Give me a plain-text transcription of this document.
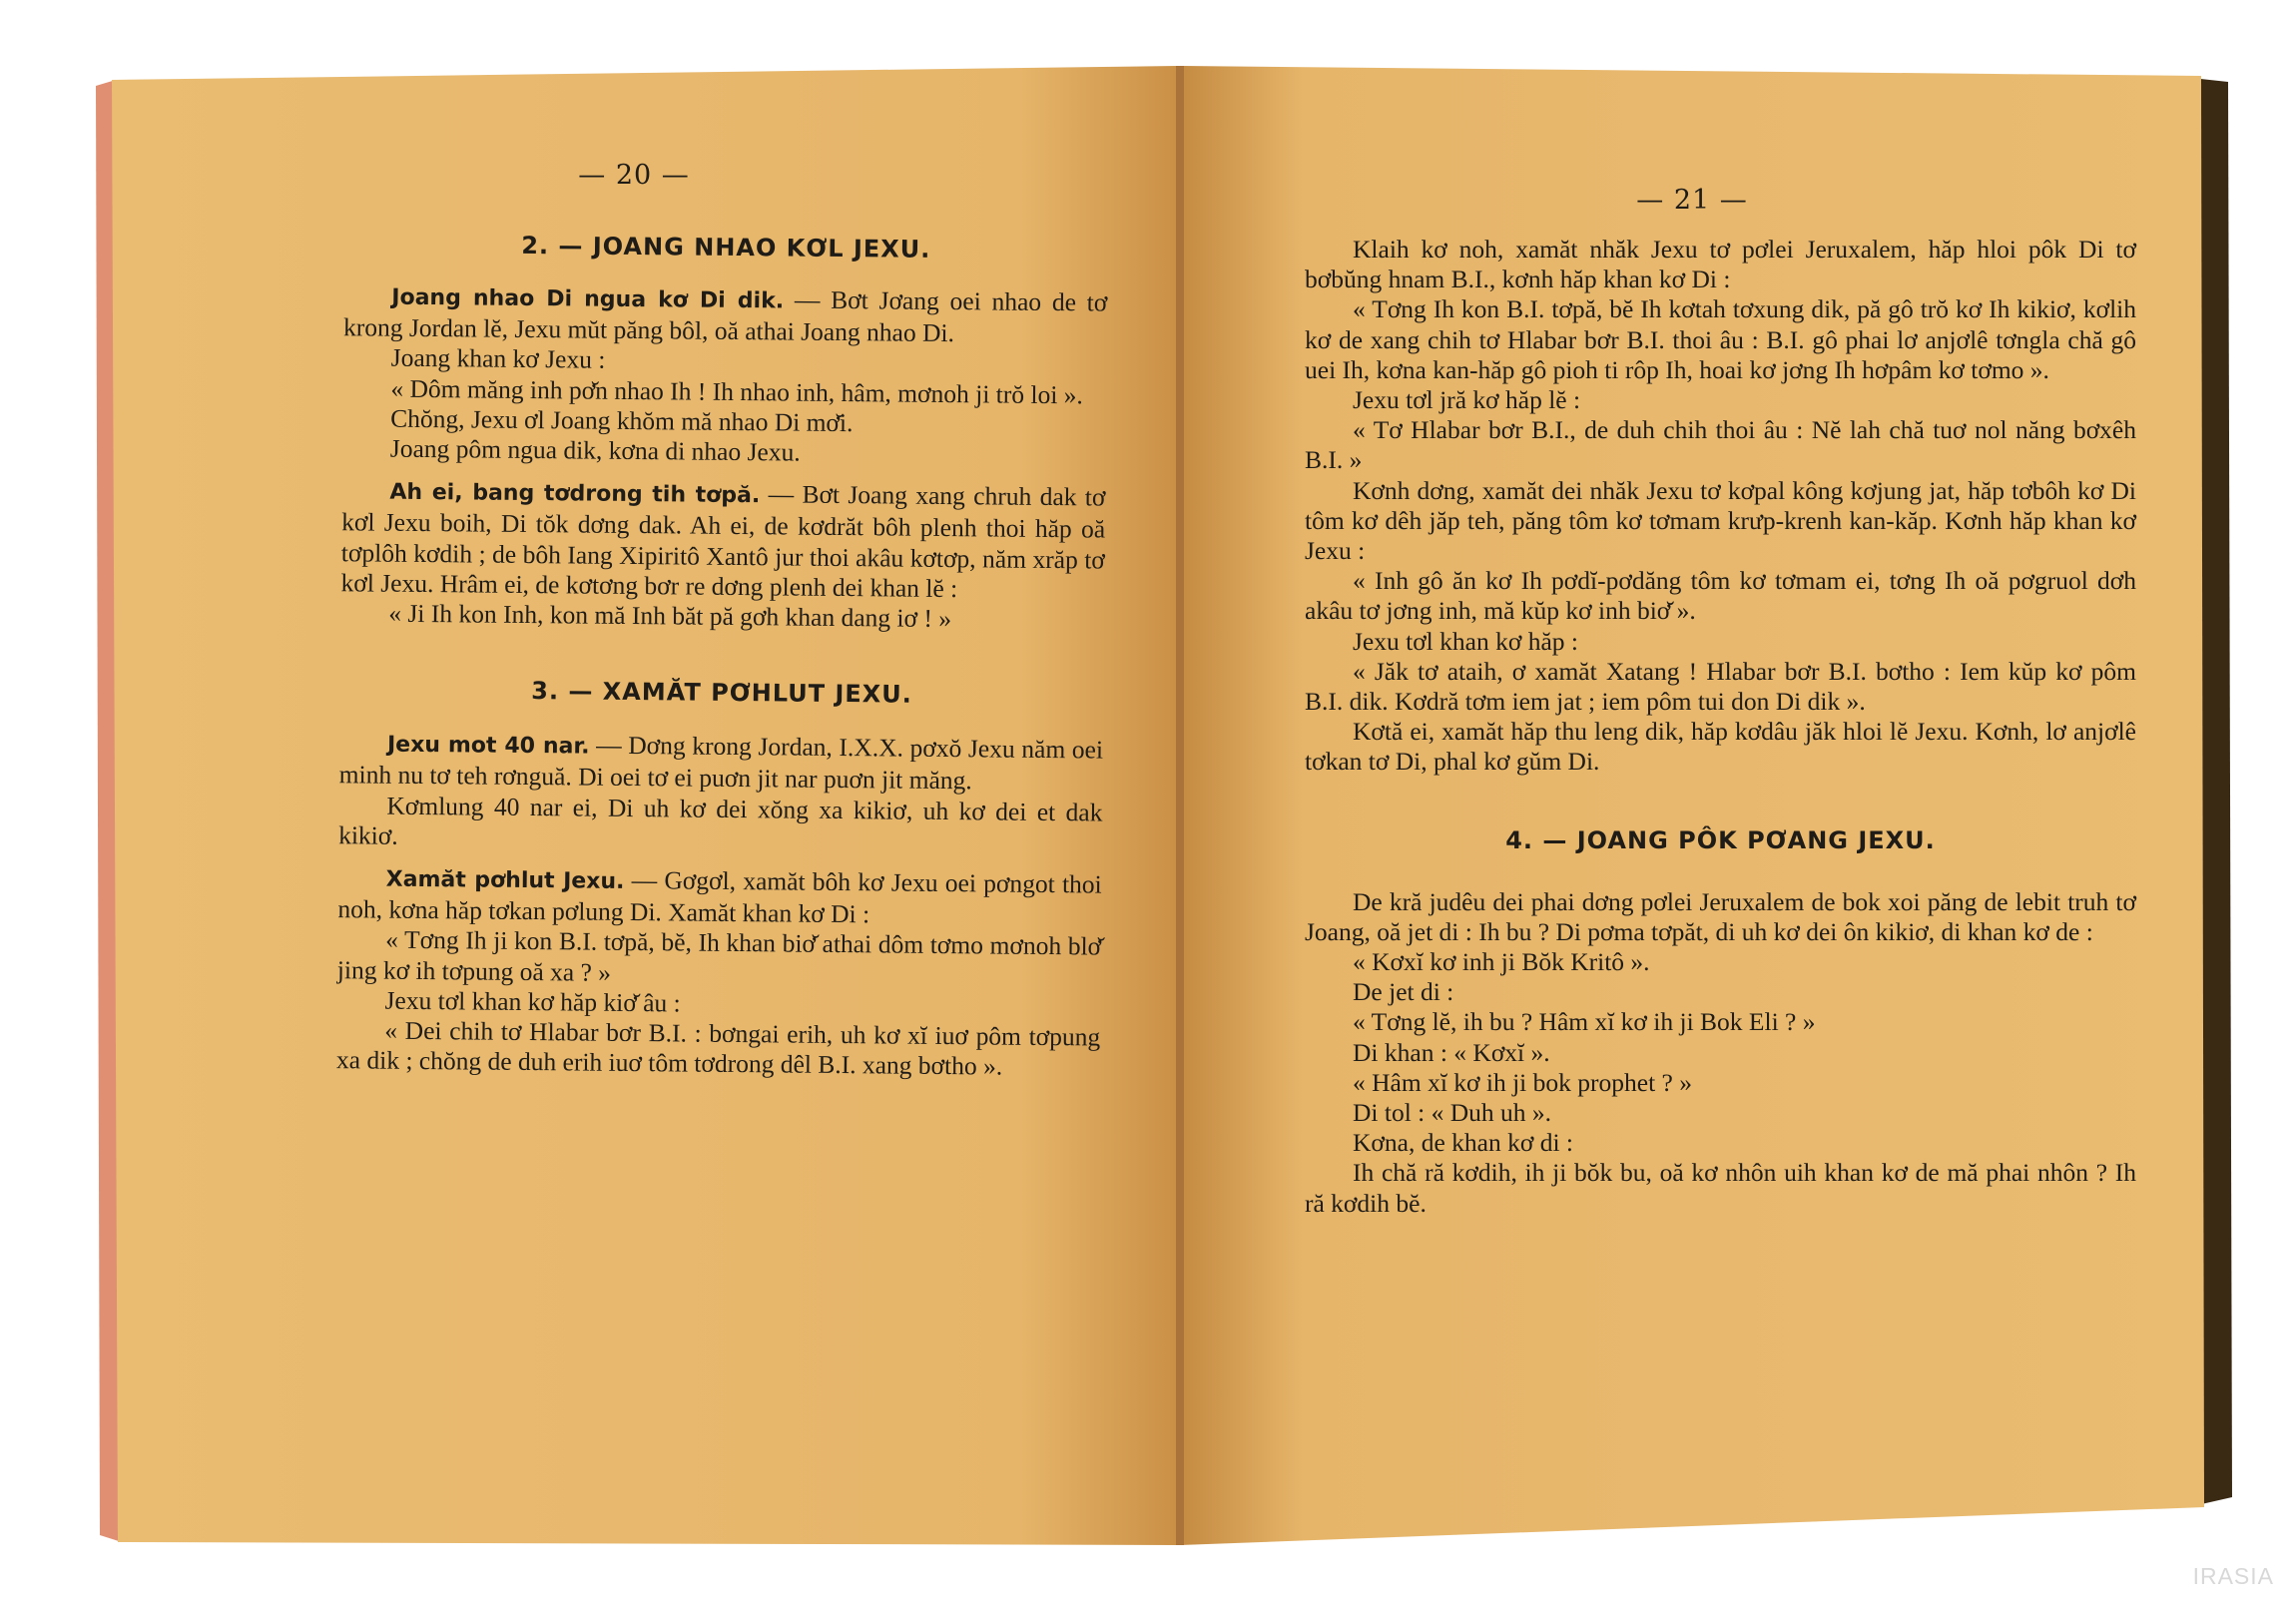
— 20 —
2. — JOANG NHAO KƠL JEXU.

Joang nhao Di ngua kơ Di dik. — Bơt Jơang oei nhao de tơ krong Jordan lĕ, Jexu mŭt păng bôl, oă athai Joang nhao Di.

Joang khan kơ Jexu :

« Dôm măng inh pơ̆n nhao Ih ! Ih nhao inh, hâm, mơnoh ji trŏ loi ».

Chŏng, Jexu ơl Joang khŏm mă nhao Di mơ̆i.

Joang pôm ngua dik, kơna di nhao Jexu.

Ah ei, bang tơdrong tih tơpă. — Bơt Joang xang chruh dak tơ kơl Jexu boih, Di tŏk dơng dak. Ah ei, de kơdrăt bôh plenh thoi hăp oă tơplôh kơdih ; de bôh Iang Xipiritô Xantô jur thoi akâu kơtơp, năm xrăp tơ kơl Jexu. Hrâm ei, de kơtơng bơr re dơng plenh dei khan lĕ :

« Ji Ih kon Inh, kon mă Inh băt pă gơh khan dang iơ ! »

3. — XAMĂT PƠHLUT JEXU.

Jexu mot 40 nar. — Dơng krong Jordan, I.X.X. pơxŏ Jexu năm oei minh nu tơ teh rơnguă. Di oei tơ ei puơn jit nar puơn jit măng.

Kơmlung 40 nar ei, Di uh kơ dei xŏng xa kikiơ, uh kơ dei et dak kikiơ.

Xamăt pơhlut Jexu. — Gơgơl, xamăt bôh kơ Jexu oei pơngot thoi noh, kơna hăp tơkan pơlung Di. Xamăt khan kơ Di :

« Tơng Ih ji kon B.I. tơpă, bĕ, Ih khan biơ̆ athai dôm tơmo mơnoh blơ̆ jing kơ ih tơpung oă xa ? »

Jexu tơl khan kơ hăp kiơ̆ âu :

« Dei chih tơ Hlabar bơr B.I. : bơngai erih, uh kơ xĭ iuơ pôm tơpung xa dik ; chŏng de duh erih iuơ tôm tơdrong dêl B.I. xang bơtho ».

— 21 —

Klaih kơ noh, xamăt nhăk Jexu tơ pơlei Jeruxalem, hăp hloi pôk Di tơ bơbŭng hnam B.I., kơnh hăp khan kơ Di :

« Tơng Ih kon B.I. tơpă, bĕ Ih kơtah tơxung dik, pă gô trŏ kơ Ih kikiơ, kơlih kơ de xang chih tơ Hlabar bơr B.I. thoi âu : B.I. gô phai lơ anjơlê tơngla chă gô uei Ih, kơna kan-hăp gô pioh ti rôp Ih, hoai kơ jơng Ih hơpâm kơ tơmo ».

Jexu tơl jră kơ hăp lĕ :

« Tơ Hlabar bơr B.I., de duh chih thoi âu : Nĕ lah chă tuơ nol năng bơxêh B.I. »

Kơnh dơng, xamăt dei nhăk Jexu tơ kơpal kông kơjung jat, hăp tơbôh kơ Di tôm kơ dêh jăp teh, păng tôm kơ tơmam krưp-krenh kan-kăp. Kơnh hăp khan kơ Jexu :

« Inh gô ăn kơ Ih pơdĭ-pơdăng tôm kơ tơmam ei, tơng Ih oă pơgruol dơh akâu tơ jơng inh, mă kŭp kơ inh biơ̆ ».

Jexu tơl khan kơ hăp :

« Jăk tơ ataih, ơ xamăt Xatang ! Hlabar bơr B.I. bơtho : Iem kŭp kơ pôm B.I. dik. Kơdră tơm iem jat ; iem pôm tui don Di dik ».

Kơtă ei, xamăt hăp thu leng dik, hăp kơdâu jăk hloi lĕ Jexu. Kơnh, lơ anjơlê tơkan tơ Di, phal kơ gŭm Di.

4. — JOANG PÔK PƠANG JEXU.

De kră judêu dei phai dơng pơlei Jeruxalem de bok xoi păng de lebit truh tơ Joang, oă jet di : Ih bu ? Di pơma tơpăt, di uh kơ dei ôn kikiơ, di khan kơ de :

« Kơxĭ kơ inh ji Bŏk Kritô ».

De jet di :

« Tơng lĕ, ih bu ? Hâm xĭ kơ ih ji Bok Eli ? »

Di khan : « Kơxĭ ».

« Hâm xĭ kơ ih ji bok prophet ? »

Di tol : « Duh uh ».

Kơna, de khan kơ di :

Ih chă ră kơdih, ih ji bŏk bu, oă kơ nhôn uih khan kơ de mă phai nhôn ? Ih ră kơdih bĕ.

IRASIA
